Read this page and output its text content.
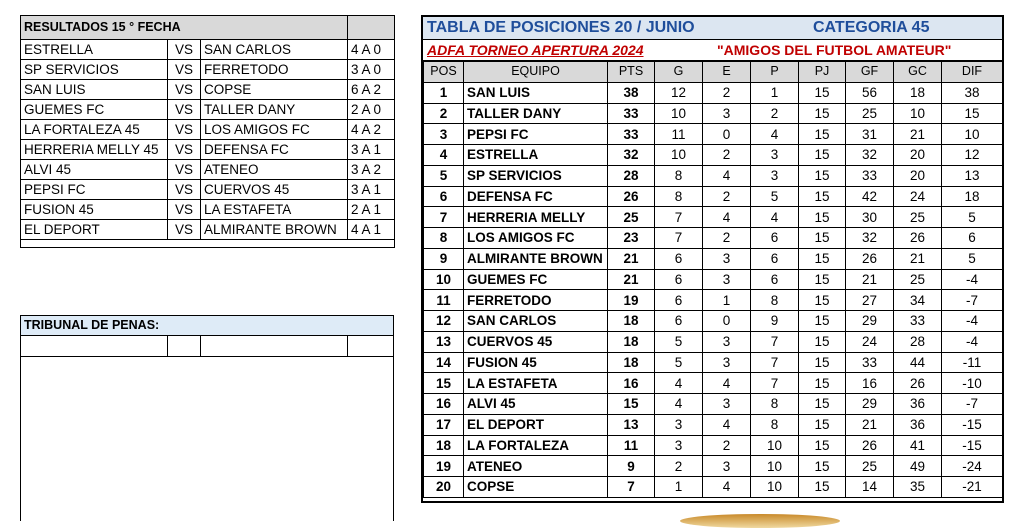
RESULTADOS 15 ° FECHA			
ESTRELLA	VS	SAN CARLOS	4 A 0
SP SERVICIOS	VS	FERRETODO	3 A 0
SAN LUIS	VS	COPSE	6 A 2
GUEMES FC	VS	TALLER DANY	2 A 0
LA FORTALEZA 45	VS	LOS AMIGOS FC	4 A 2
HERRERIA MELLY 45	VS	DEFENSA FC	3 A 1
ALVI 45	VS	ATENEO	3 A 2
PEPSI FC	VS	CUERVOS 45	3 A 1
FUSION 45	VS	LA ESTAFETA	2 A 1
EL DEPORT	VS	ALMIRANTE BROWN	4 A 1

TRIBUNAL DE PENAS:
TABLA DE POSICIONES 20 / JUNIO	CATEGORIA 45
ADFA TORNEO APERTURA 2024	"AMIGOS DEL FUTBOL AMATEUR"
POS	EQUIPO	PTS	G	E	P	PJ	GF	GC	DIF
1	SAN LUIS	38	12	2	1	15	56	18	38
2	TALLER DANY	33	10	3	2	15	25	10	15
3	PEPSI FC	33	11	0	4	15	31	21	10
4	ESTRELLA	32	10	2	3	15	32	20	12
5	SP SERVICIOS	28	8	4	3	15	33	20	13
6	DEFENSA FC	26	8	2	5	15	42	24	18
7	HERRERIA MELLY	25	7	4	4	15	30	25	5
8	LOS AMIGOS FC	23	7	2	6	15	32	26	6
9	ALMIRANTE BROWN	21	6	3	6	15	26	21	5
10	GUEMES FC	21	6	3	6	15	21	25	-4
11	FERRETODO	19	6	1	8	15	27	34	-7
12	SAN CARLOS	18	6	0	9	15	29	33	-4
13	CUERVOS 45	18	5	3	7	15	24	28	-4
14	FUSION 45	18	5	3	7	15	33	44	-11
15	LA ESTAFETA	16	4	4	7	15	16	26	-10
16	ALVI 45	15	4	3	8	15	29	36	-7
17	EL DEPORT	13	3	4	8	15	21	36	-15
18	LA FORTALEZA	11	3	2	10	15	26	41	-15
19	ATENEO	9	2	3	10	15	25	49	-24
20	COPSE	7	1	4	10	15	14	35	-21
